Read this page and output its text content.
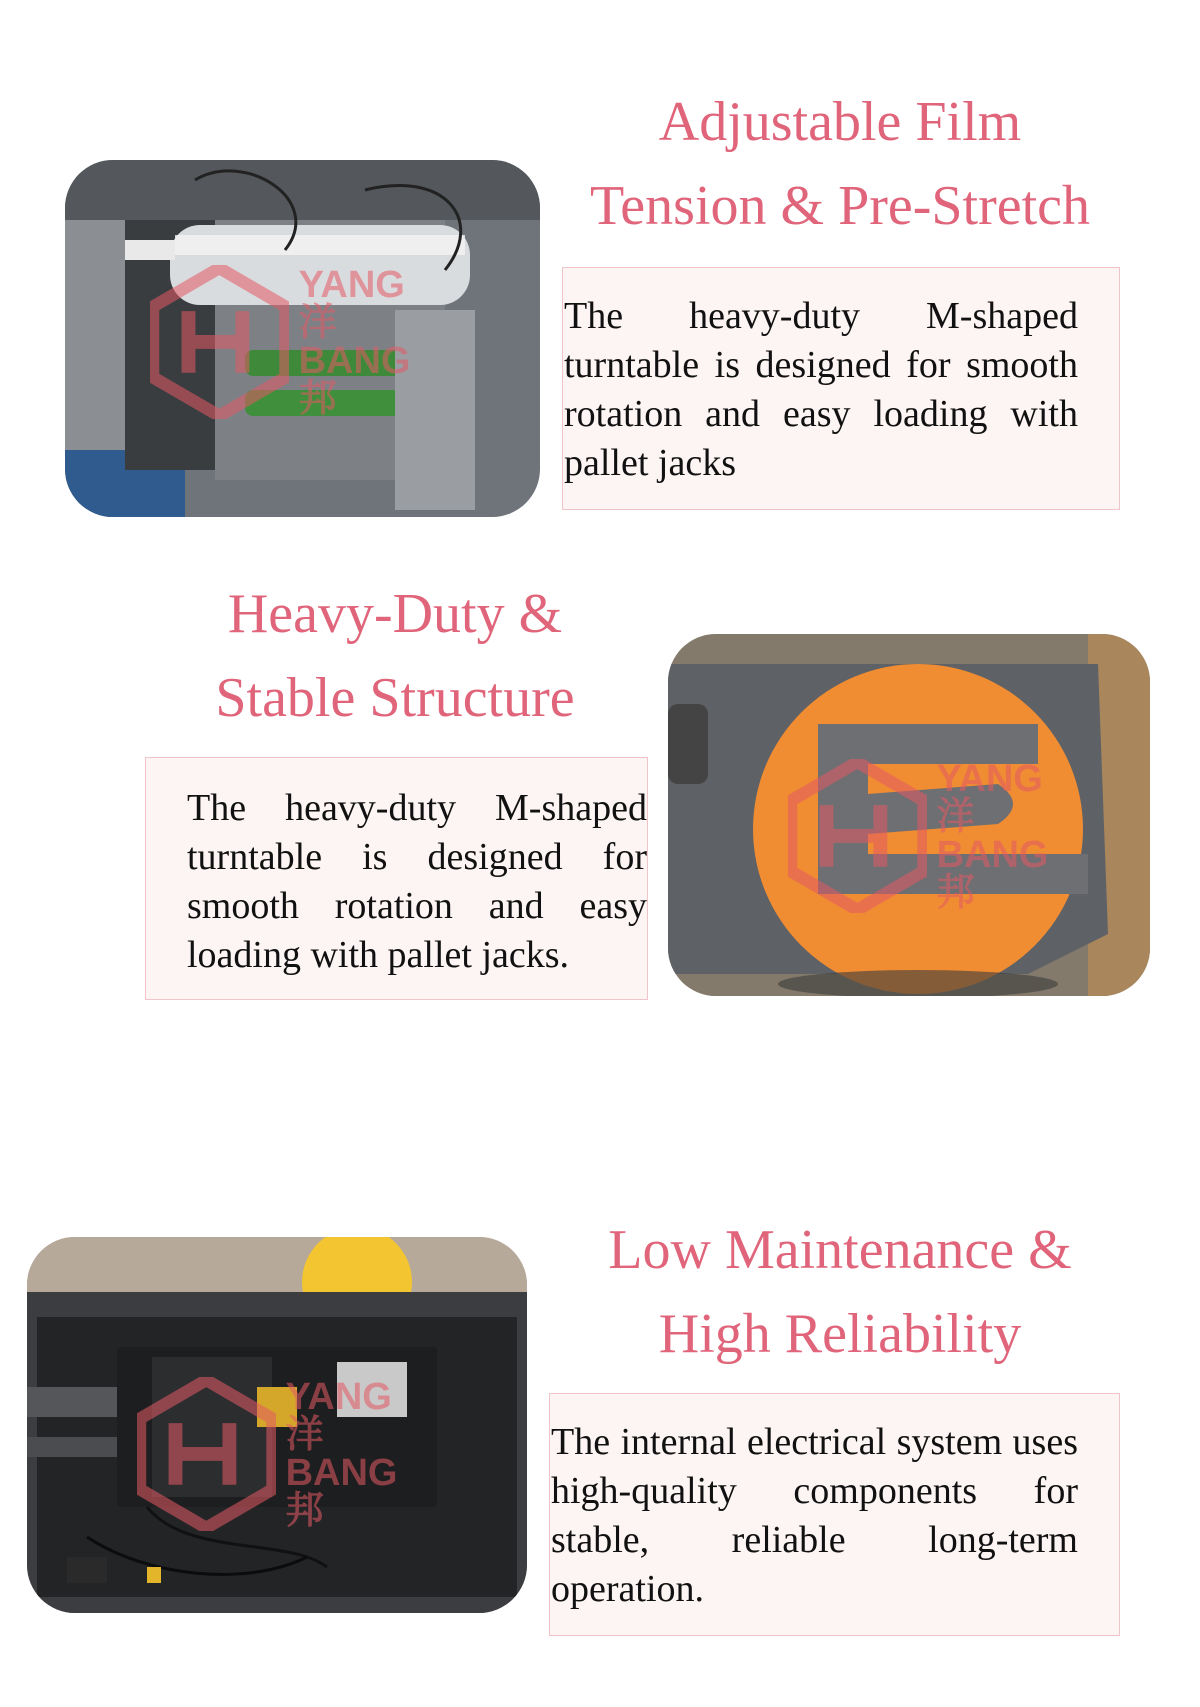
YANG 洋
BANG 邦
Adjustable Film
Tension & Pre-Stretch

The heavy-duty M-shaped turntable is designed for smooth rotation and easy loading with pallet jacks

Heavy-Duty &
Stable Structure

The heavy-duty M-shaped turntable is designed for smooth rotation and easy loading with pallet jacks.

YANG 洋
BANG 邦
YANG 洋
BANG 邦
Low Maintenance &
High Reliability

The internal electrical system uses high-quality components for stable, reliable long-term operation.
